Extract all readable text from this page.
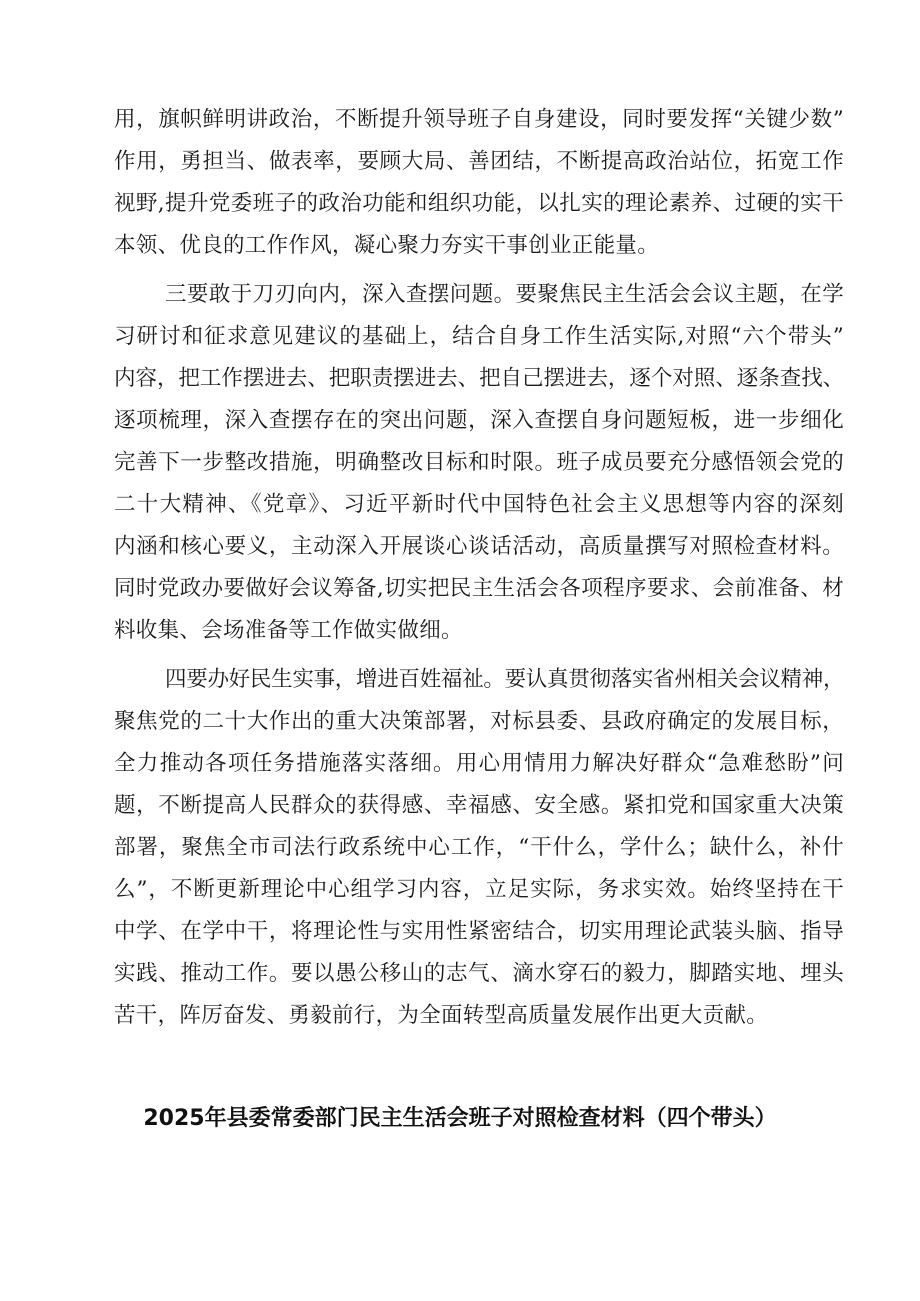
用，旗帜鲜明讲政治，不断提升领导班子自身建设，同时要发挥“关键少数”
作用，勇担当、做表率，要顾大局、善团结，不断提高政治站位，拓宽工作
视野,提升党委班子的政治功能和组织功能，以扎实的理论素养、过硬的实干
本领、优良的工作作风，凝心聚力夯实干事创业正能量。
三要敢于刀刃向内，深入查摆问题。要聚焦民主生活会会议主题，在学
习研讨和征求意见建议的基础上，结合自身工作生活实际,对照“六个带头”
内容，把工作摆进去、把职责摆进去、把自己摆进去，逐个对照、逐条查找、
逐项梳理，深入查摆存在的突出问题，深入查摆自身问题短板，进一步细化
完善下一步整改措施，明确整改目标和时限。班子成员要充分感悟领会党的
二十大精神、《党章》、习近平新时代中国特色社会主义思想等内容的深刻
内涵和核心要义，主动深入开展谈心谈话活动，高质量撰写对照检查材料。
同时党政办要做好会议筹备,切实把民主生活会各项程序要求、会前准备、材
料收集、会场准备等工作做实做细。
四要办好民生实事，增进百姓福祉。要认真贯彻落实省州相关会议精神，
聚焦党的二十大作出的重大决策部署，对标县委、县政府确定的发展目标，
全力推动各项任务措施落实落细。用心用情用力解决好群众“急难愁盼”问
题，不断提高人民群众的获得感、幸福感、安全感。紧扣党和国家重大决策
部署，聚焦全市司法行政系统中心工作，“干什么，学什么；缺什么，补什
么”，不断更新理论中心组学习内容，立足实际，务求实效。始终坚持在干
中学、在学中干，将理论性与实用性紧密结合，切实用理论武装头脑、指导
实践、推动工作。要以愚公移山的志气、滴水穿石的毅力，脚踏实地、埋头
苦干，阵厉奋发、勇毅前行，为全面转型高质量发展作出更大贡献。
2025年县委常委部门民主生活会班子对照检查材料（四个带头）
